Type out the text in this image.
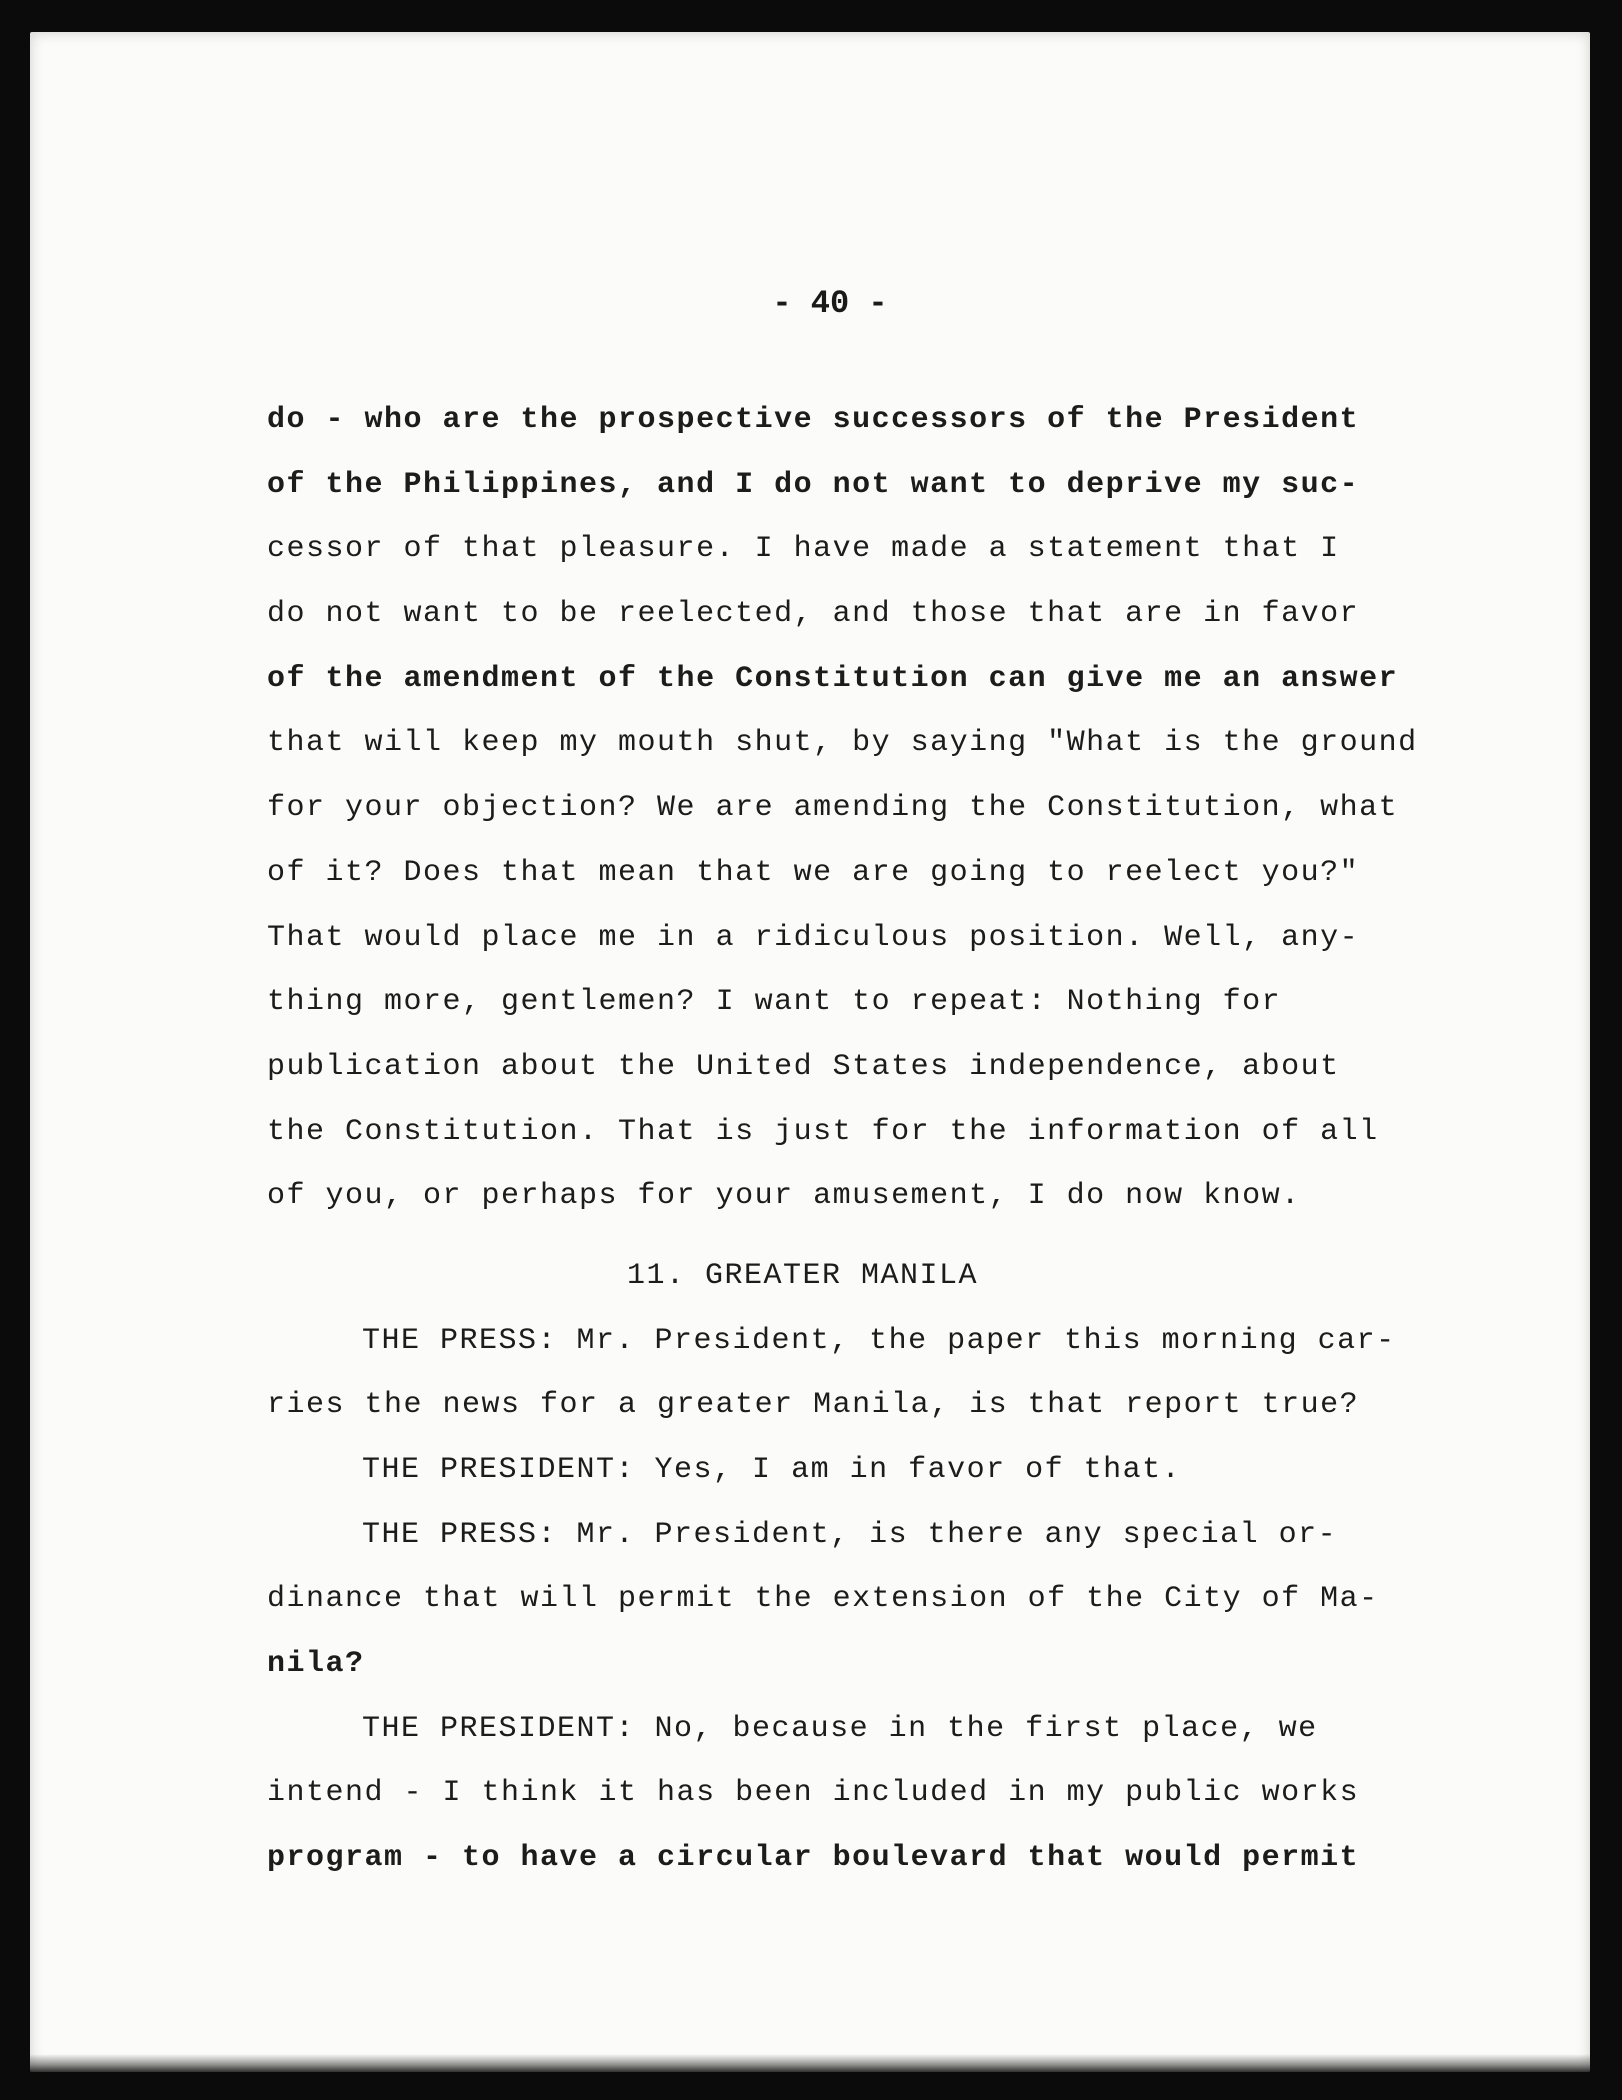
- 40 -
do - who are the prospective successors of the President
of the Philippines, and I do not want to deprive my suc-
cessor of that pleasure. I have made a statement that I
do not want to be reelected, and those that are in favor
of the amendment of the Constitution can give me an answer
that will keep my mouth shut, by saying "What is the ground
for your objection? We are amending the Constitution, what
of it? Does that mean that we are going to reelect you?"
That would place me in a ridiculous position. Well, any-
thing more, gentlemen? I want to repeat: Nothing for
publication about the United States independence, about
the Constitution. That is just for the information of all
of you, or perhaps for your amusement, I do now know.
11. GREATER MANILA
THE PRESS: Mr. President, the paper this morning car-
ries the news for a greater Manila, is that report true?
THE PRESIDENT: Yes, I am in favor of that.
THE PRESS: Mr. President, is there any special or-
dinance that will permit the extension of the City of Ma-
nila?
THE PRESIDENT: No, because in the first place, we
intend - I think it has been included in my public works
program - to have a circular boulevard that would permit
